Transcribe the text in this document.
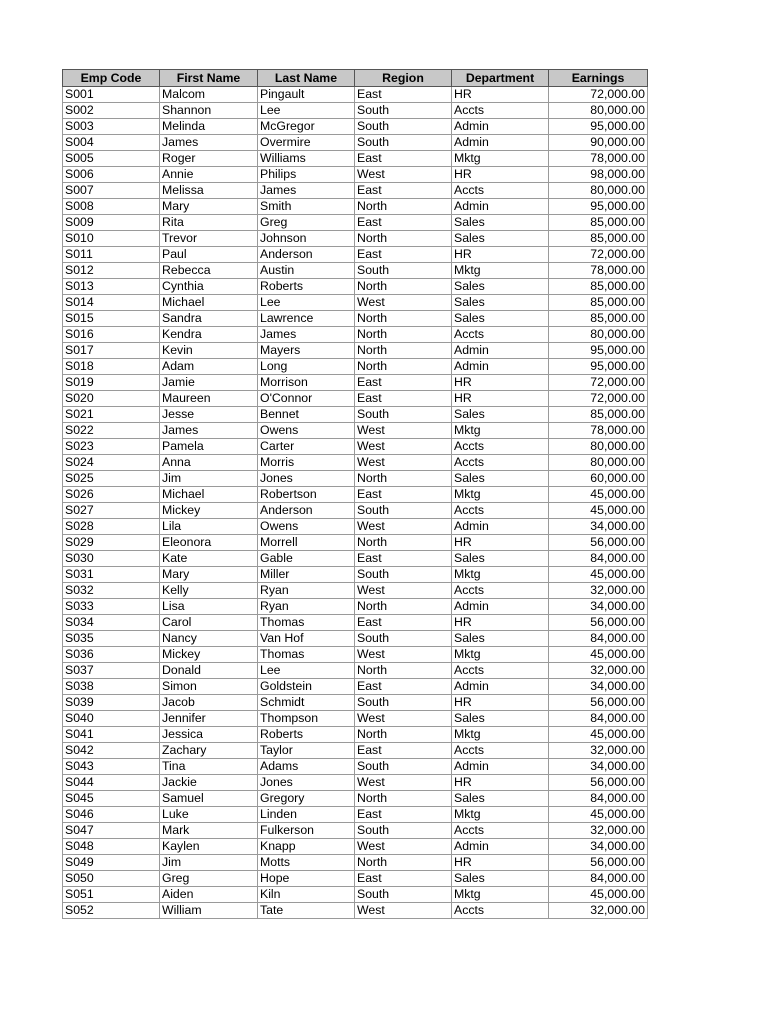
Emp Code	First Name	Last Name	Region	Department	Earnings
S001	Malcom	Pingault	East	HR	72,000.00
S002	Shannon	Lee	South	Accts	80,000.00
S003	Melinda	McGregor	South	Admin	95,000.00
S004	James	Overmire	South	Admin	90,000.00
S005	Roger	Williams	East	Mktg	78,000.00
S006	Annie	Philips	West	HR	98,000.00
S007	Melissa	James	East	Accts	80,000.00
S008	Mary	Smith	North	Admin	95,000.00
S009	Rita	Greg	East	Sales	85,000.00
S010	Trevor	Johnson	North	Sales	85,000.00
S011	Paul	Anderson	East	HR	72,000.00
S012	Rebecca	Austin	South	Mktg	78,000.00
S013	Cynthia	Roberts	North	Sales	85,000.00
S014	Michael	Lee	West	Sales	85,000.00
S015	Sandra	Lawrence	North	Sales	85,000.00
S016	Kendra	James	North	Accts	80,000.00
S017	Kevin	Mayers	North	Admin	95,000.00
S018	Adam	Long	North	Admin	95,000.00
S019	Jamie	Morrison	East	HR	72,000.00
S020	Maureen	O'Connor	East	HR	72,000.00
S021	Jesse	Bennet	South	Sales	85,000.00
S022	James	Owens	West	Mktg	78,000.00
S023	Pamela	Carter	West	Accts	80,000.00
S024	Anna	Morris	West	Accts	80,000.00
S025	Jim	Jones	North	Sales	60,000.00
S026	Michael	Robertson	East	Mktg	45,000.00
S027	Mickey	Anderson	South	Accts	45,000.00
S028	Lila	Owens	West	Admin	34,000.00
S029	Eleonora	Morrell	North	HR	56,000.00
S030	Kate	Gable	East	Sales	84,000.00
S031	Mary	Miller	South	Mktg	45,000.00
S032	Kelly	Ryan	West	Accts	32,000.00
S033	Lisa	Ryan	North	Admin	34,000.00
S034	Carol	Thomas	East	HR	56,000.00
S035	Nancy	Van Hof	South	Sales	84,000.00
S036	Mickey	Thomas	West	Mktg	45,000.00
S037	Donald	Lee	North	Accts	32,000.00
S038	Simon	Goldstein	East	Admin	34,000.00
S039	Jacob	Schmidt	South	HR	56,000.00
S040	Jennifer	Thompson	West	Sales	84,000.00
S041	Jessica	Roberts	North	Mktg	45,000.00
S042	Zachary	Taylor	East	Accts	32,000.00
S043	Tina	Adams	South	Admin	34,000.00
S044	Jackie	Jones	West	HR	56,000.00
S045	Samuel	Gregory	North	Sales	84,000.00
S046	Luke	Linden	East	Mktg	45,000.00
S047	Mark	Fulkerson	South	Accts	32,000.00
S048	Kaylen	Knapp	West	Admin	34,000.00
S049	Jim	Motts	North	HR	56,000.00
S050	Greg	Hope	East	Sales	84,000.00
S051	Aiden	Kiln	South	Mktg	45,000.00
S052	William	Tate	West	Accts	32,000.00
